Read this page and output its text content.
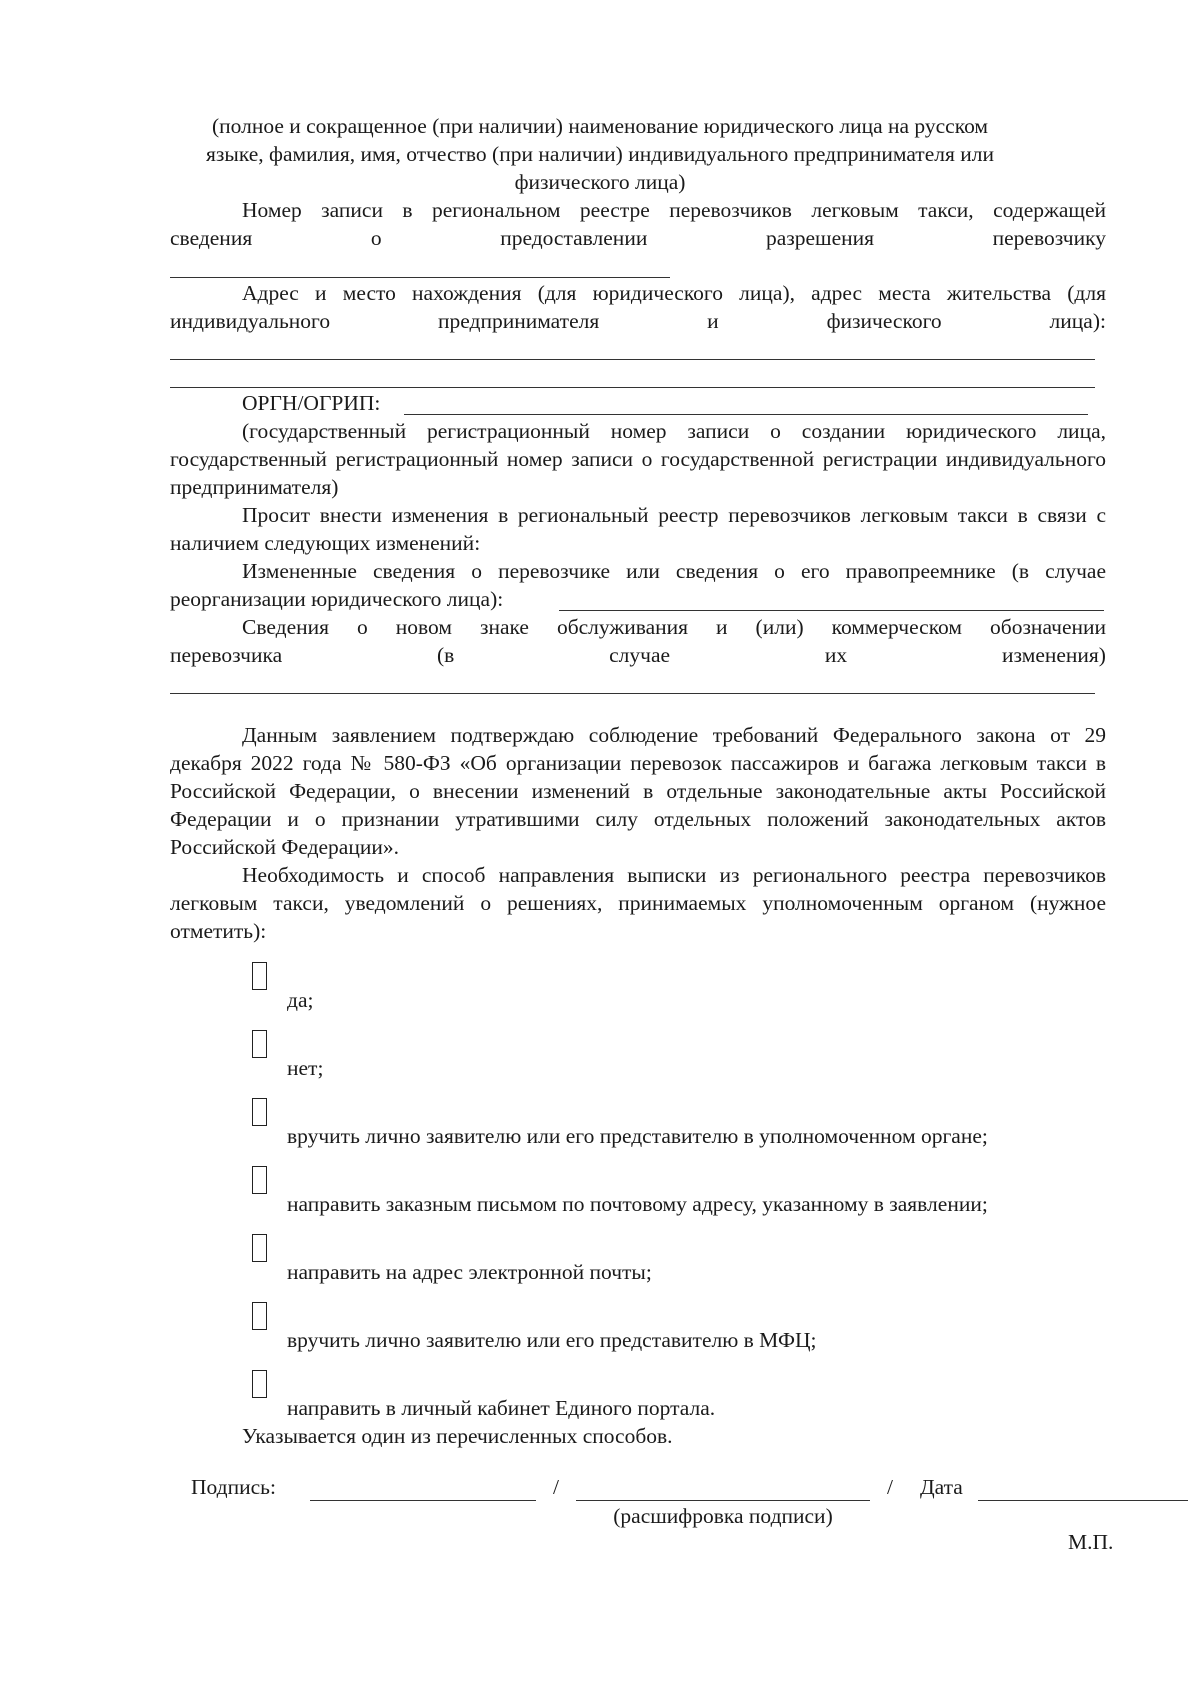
(полное и сокращенное (при наличии) наименование юридического лица на русском
языке, фамилия, имя, отчество (при наличии) индивидуального предпринимателя или
физического лица)
Номер записи в региональном реестре перевозчиков легковым такси, содержащей
сведения	о	предоставлении	разрешения	перевозчику
Адрес и место нахождения (для юридического лица), адрес места жительства (для
индивидуального	предпринимателя	и	физического	лица):
ОРГН/ОГРИП:

(государственный регистрационный номер записи о создании юридического лица, государственный регистрационный номер записи о государственной регистрации индивидуального предпринимателя)

Просит внести изменения в региональный реестр перевозчиков легковым такси в связи с наличием следующих изменений:

Измененные сведения о перевозчике или сведения о его правопреемнике (в случае
реорганизации юридического лица):
Сведения о новом знаке обслуживания и (или) коммерческом обозначении
перевозчика	(в	случае	их	изменения)

Данным заявлением подтверждаю соблюдение требований Федерального закона от 29 декабря 2022 года № 580-ФЗ «Об организации перевозок пассажиров и багажа легковым такси в Российской Федерации, о внесении изменений в отдельные законодательные акты Российской Федерации и о признании утратившими силу отдельных положений законодательных актов Российской Федерации».

Необходимость и способ направления выписки из регионального реестра перевозчиков легковым такси, уведомлений о решениях, принимаемых уполномоченным органом (нужное отметить):

да;
нет;
вручить лично заявителю или его представителю в уполномоченном органе;
направить заказным письмом по почтовому адресу, указанному в заявлении;
направить на адрес электронной почты;
вручить лично заявителю или его представителю в МФЦ;
направить в личный кабинет Единого портала.
Указывается один из перечисленных способов.
Подпись:	/	/ Дата
(расшифровка подписи)
М.П.
